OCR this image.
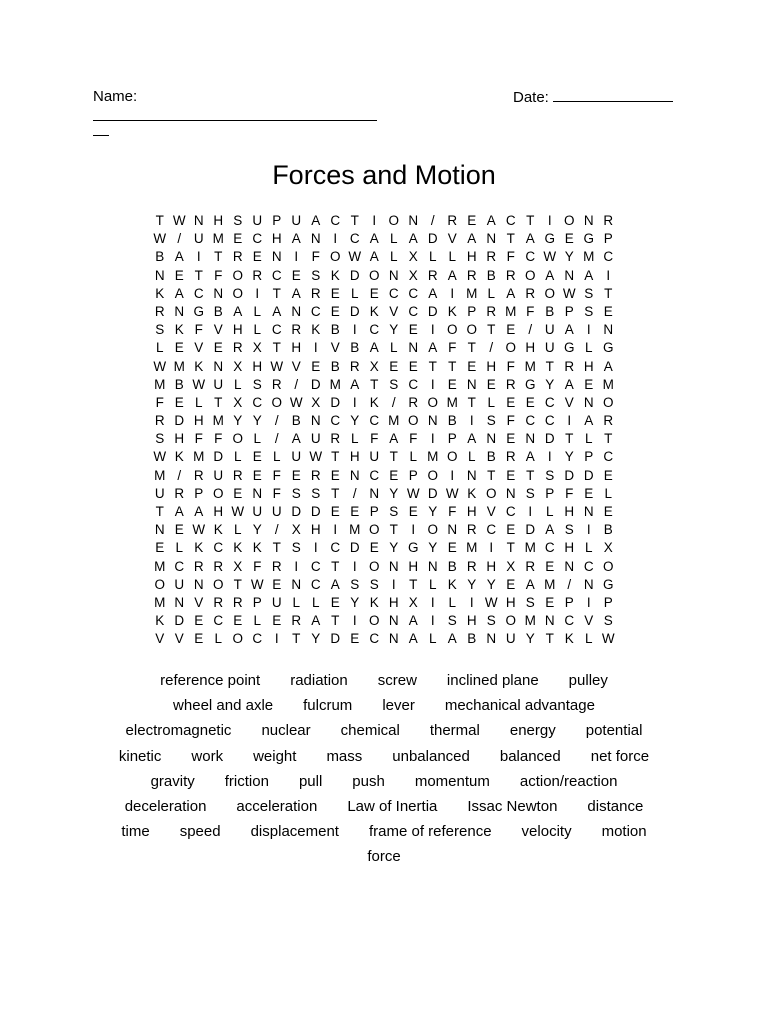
Name:	Date:
Forces and Motion
T W N H S U P U A C T I O N / R E A C T I O N R
W / U M E C H A N I C A L A D V A N T A G E G P
B A I	T R E N I	F O W A L X L L H R F C W Y M C
N E T F O R C E S K D O N X R A R B R O A N A I
K A C N O I	T A R E L E C C A I M L A R O W S T
R N G B A L A N C E D K V C D K P R M F B P S E
S K F V H L C R K B I C Y E I O O T E / U A I N
L E V E R X T H I V B A L N A F T / O H U G L G
W M K N X H W V E B R X E E T T E H F M T R H A
M B W U L S R / D M A T S C I E N E R G Y A E M
F E L T X C O W X D I K / R O M T L E E C V N O
R D H M Y Y / B N C Y C M O N B I S F C C I A R
S H F F O L	/ A U R L F A F I P A N E N D T L T
W K M D L E L U W T H U T L M O L B R A I Y P C
M / R U R E F E R E N C E P O I N T E T S D D E
U R P O E N F S S T / N Y W D W K O N S P F E L
T A A H W U U D D E E P S E Y F H V C I	L H N E
N E W K L Y / X H I M O T I O N R C E D A S I B
E L K C K K T S I C D E Y G Y E M I	T M C H L X
M C R R X F R I C T I O N H N B R H X R E N C O
O U N O T W E N C A S S I	T L K Y Y E A M / N G
M N V R R P U L L E Y K H X I	L	I W H S E P I P
K D E C E L E R A T I O N A I S H S O M N C V S
V V E L O C I	T Y D E C N A L A B N U Y T K L W
reference point radiation screw inclined plane pulley
wheel and axle fulcrum lever mechanical advantage
electromagnetic nuclear chemical thermal energy potential
kinetic work weight mass unbalanced balanced net force
gravity friction pull push momentum action/reaction
deceleration acceleration Law of Inertia Issac Newton distance
time speed displacement frame of reference velocity motion
force
